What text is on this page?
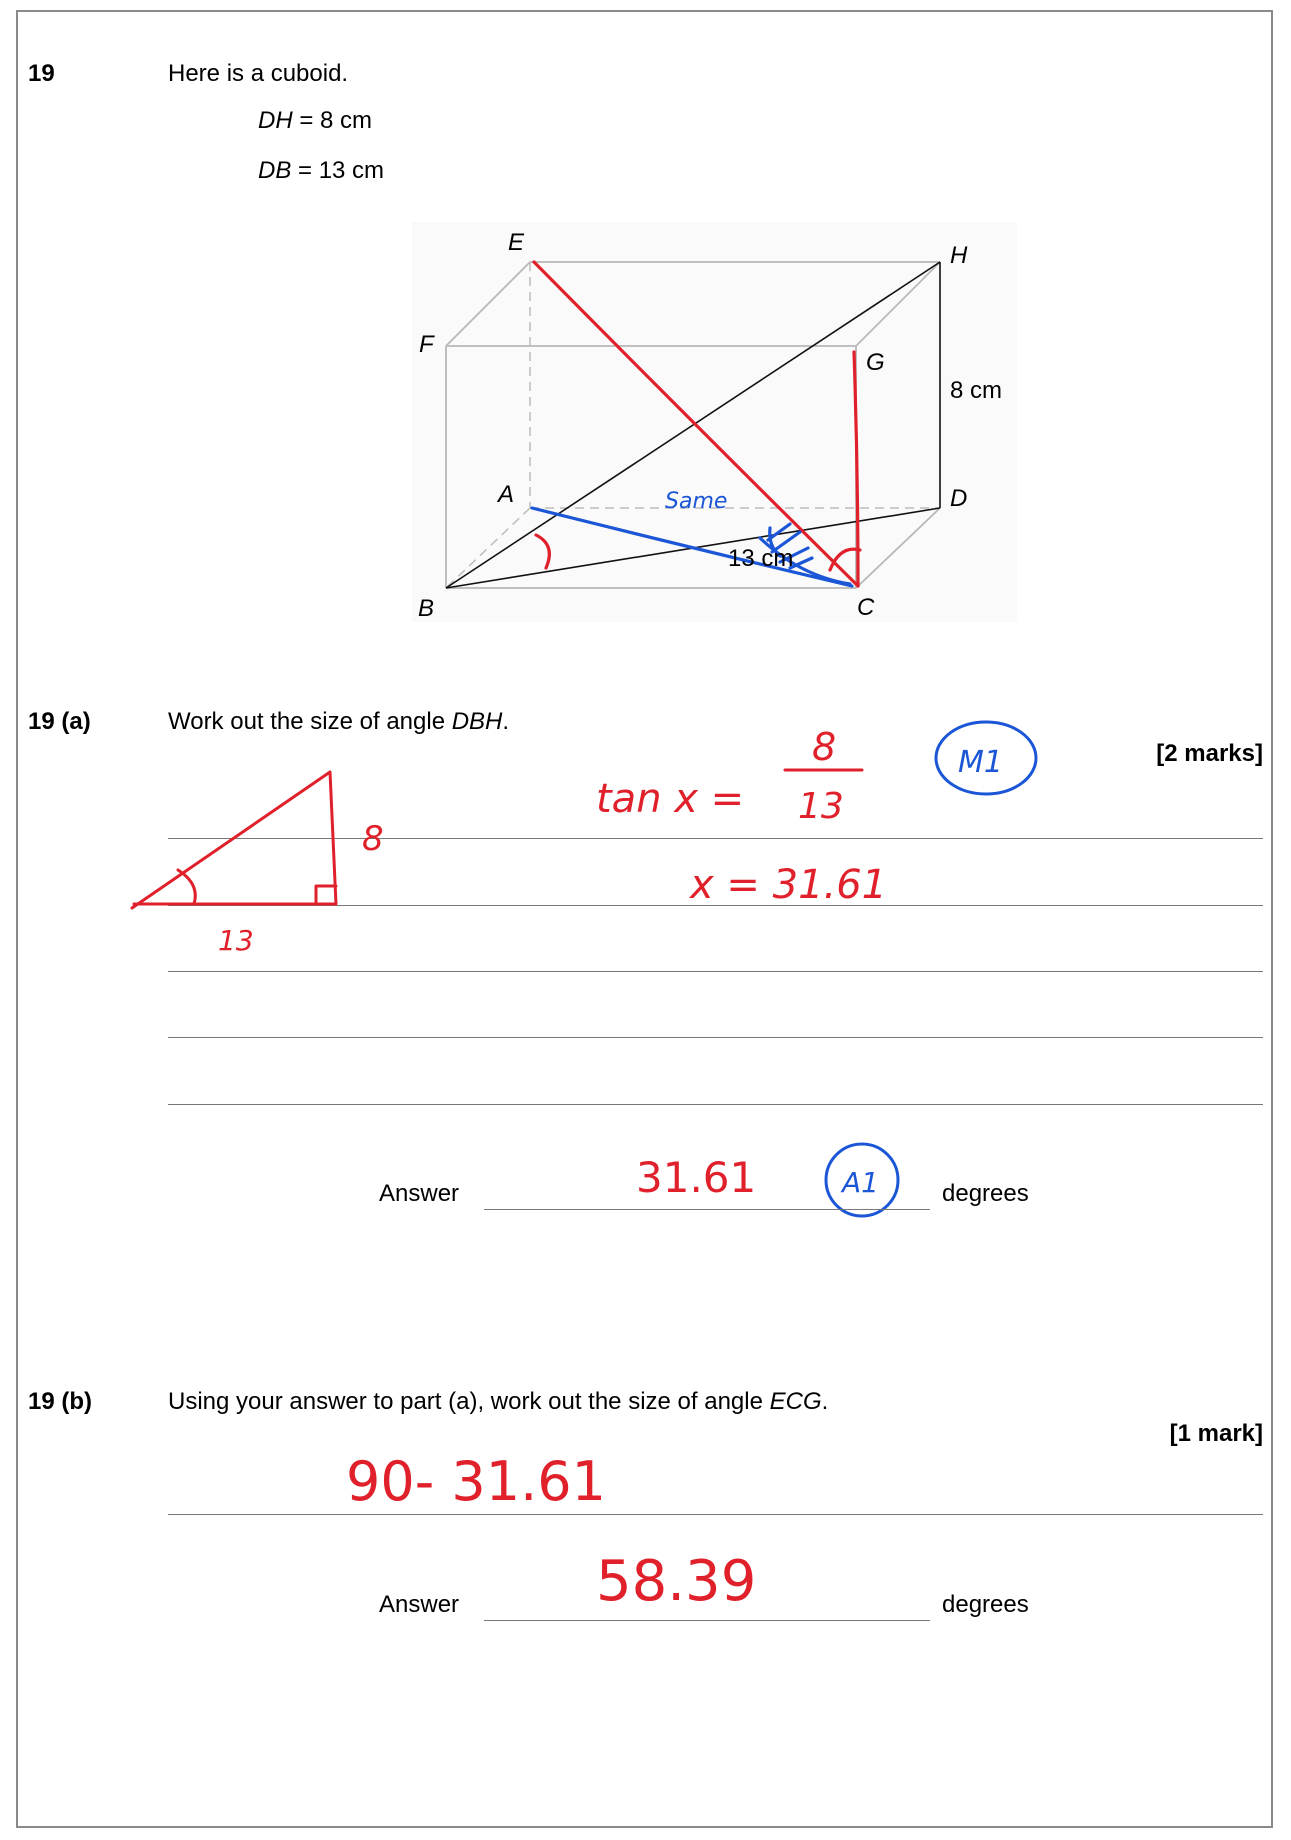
19	Here is a cuboid.
DH = 8 cm
DB = 13 cm
E	H
F
G
A	D
B	C
8 cm
13 cm
Same
19 (a)	Work out the size of angle DBH.
[2 marks]
8
13
tan x =
8
13
x = 31.61
M1
31.61	A1
Answer	degrees
19 (b)	Using your answer to part (a), work out the size of angle ECG.
[1 mark]
90- 31.61
58.39
Answer	degrees
